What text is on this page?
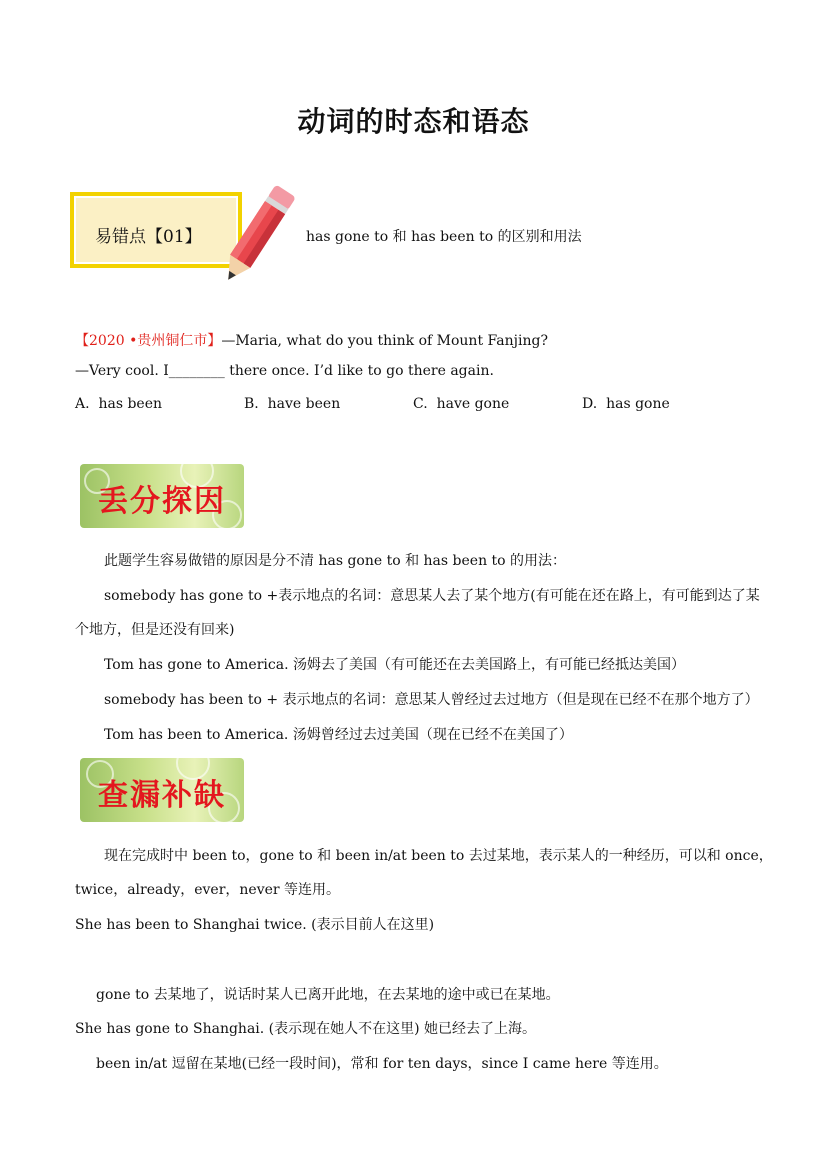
动词的时态和语态
易错点【01】	has gone to 和 has been to 的区别和用法
【2020 •贵州铜仁市】—Maria, what do you think of Mount Fanjing?
—Very cool. I________ there once. I’d like to go there again.
A. has been	B. have been	C. have gone	D. has gone
丢分探因
此题学生容易做错的原因是分不清 has gone to 和 has been to 的用法：
somebody has gone to +表示地点的名词：意思某人去了某个地方(有可能在还在路上，有可能到达了某
个地方，但是还没有回来)
Tom has gone to America. 汤姆去了美国（有可能还在去美国路上，有可能已经抵达美国）
somebody has been to + 表示地点的名词：意思某人曾经过去过地方（但是现在已经不在那个地方了）
Tom has been to America. 汤姆曾经过去过美国（现在已经不在美国了）
查漏补缺
现在完成时中 been to，gone to 和 been in/at been to 去过某地，表示某人的一种经历，可以和 once，
twice，already，ever，never 等连用。
She has been to Shanghai twice. (表示目前人在这里)
gone to 去某地了，说话时某人已离开此地，在去某地的途中或已在某地。
She has gone to Shanghai. (表示现在她人不在这里) 她已经去了上海。
been in/at 逗留在某地(已经一段时间)，常和 for ten days，since I came here 等连用。
